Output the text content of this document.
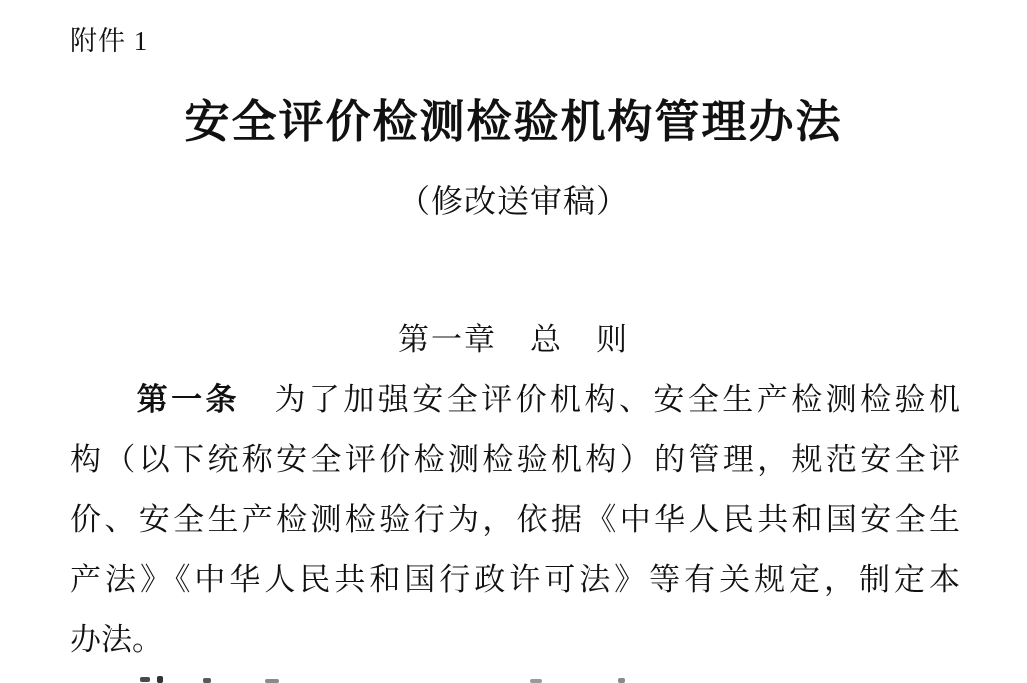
附件 1
安全评价检测检验机构管理办法
（修改送审稿）
第一章　总　则
第一条　为了加强安全评价机构、安全生产检测检验机
构（以下统称安全评价检测检验机构）的管理，规范安全评
价、安全生产检测检验行为，依据《中华人民共和国安全生
产法》《中华人民共和国行政许可法》等有关规定，制定本
办法。
